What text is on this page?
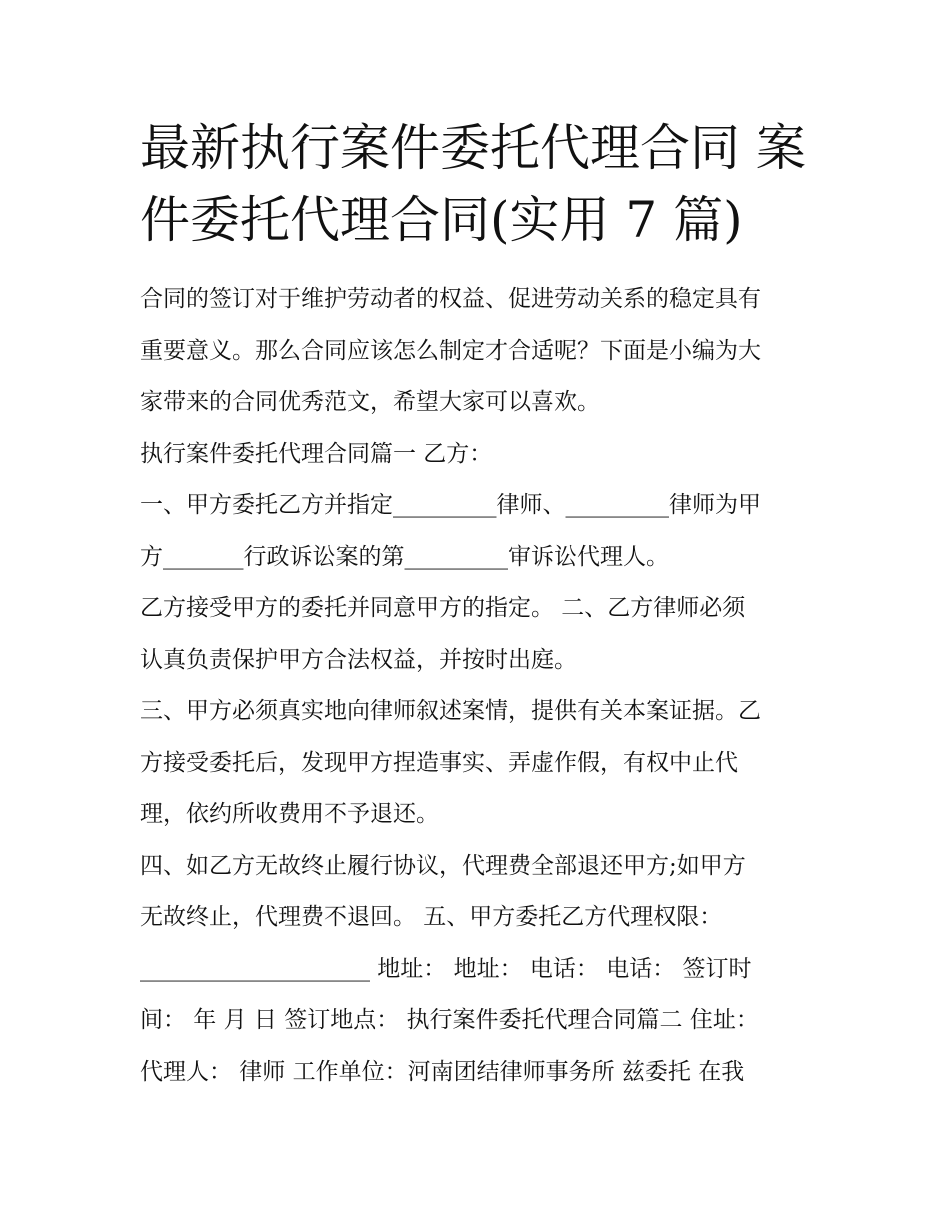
最新执行案件委托代理合同 案
件委托代理合同(实用 7 篇)
合同的签订对于维护劳动者的权益、促进劳动关系的稳定具有
重要意义。那么合同应该怎么制定才合适呢？下面是小编为大
家带来的合同优秀范文，希望大家可以喜欢。
执行案件委托代理合同篇一 乙方：
一、甲方委托乙方并指定_________律师、_________律师为甲
方_______行政诉讼案的第_________审诉讼代理人。
乙方接受甲方的委托并同意甲方的指定。 二、乙方律师必须
认真负责保护甲方合法权益，并按时出庭。
三、甲方必须真实地向律师叙述案情，提供有关本案证据。乙
方接受委托后，发现甲方捏造事实、弄虚作假，有权中止代
理，依约所收费用不予退还。
四、如乙方无故终止履行协议，代理费全部退还甲方;如甲方
无故终止，代理费不退回。 五、甲方委托乙方代理权限：
____________________ 地址： 地址： 电话： 电话： 签订时
间： 年 月 日 签订地点： 执行案件委托代理合同篇二 住址：
代理人： 律师 工作单位：河南团结律师事务所 兹委托 在我
